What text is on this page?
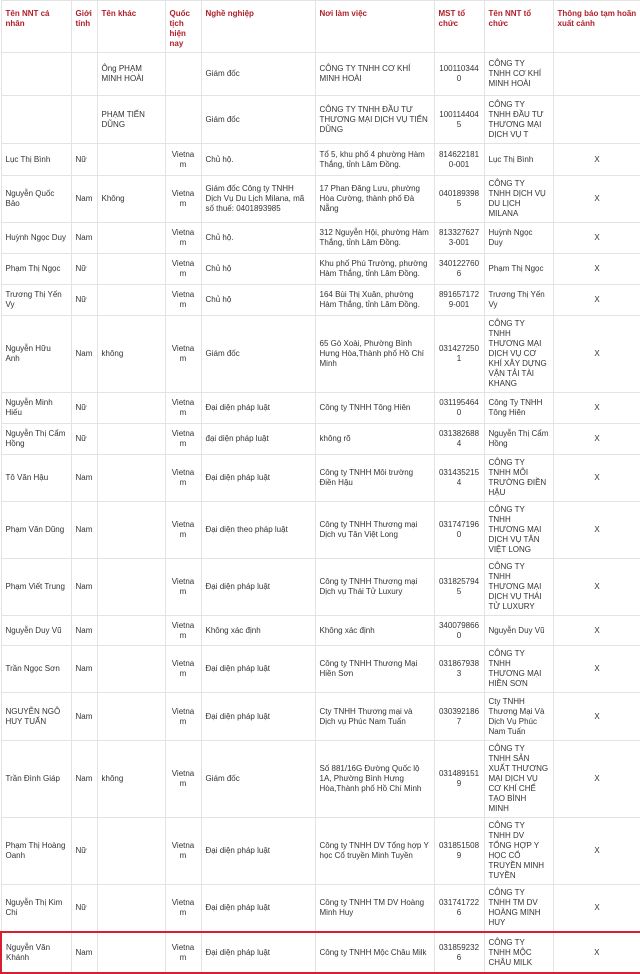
Tên NNT cá nhân	Giới tính	Tên khác	Quốc tịch hiện nay	Nghề nghiệp	Nơi làm việc	MST tổ chức	Tên NNT tổ chức	Thông báo tạm hoãn xuất cảnh
		Ông PHẠM MINH HOÀI		Giám đốc	CÔNG TY TNHH CƠ KHÍ MINH HOÀI	1001103440	CÔNG TY TNHH CƠ KHÍ MINH HOÀI	
		PHẠM TIẾN DŨNG		Giám đốc	CÔNG TY TNHH ĐẦU TƯ THƯƠNG MẠI DỊCH VỤ TIẾN DŨNG	1001144045	CÔNG TY TNHH ĐẦU TƯ THƯƠNG MẠI DỊCH VỤ T	
Lục Thị Bình	Nữ		Vietnam	Chủ hộ.	Tổ 5, khu phố 4 phường Hàm Thắng, tỉnh Lâm Đồng.	8146221810-001	Lục Thị Bình	X
Nguyễn Quốc Bảo	Nam	Không	Vietnam	Giám đốc Công ty TNHH Dịch Vụ Du Lịch Milana, mã số thuế: 0401893985	17 Phan Đăng Lưu, phường Hòa Cường, thành phố Đà Nẵng	0401893985	CÔNG TY TNHH DỊCH VỤ DU LỊCH MILANA	X
Huỳnh Ngọc Duy	Nam		Vietnam	Chủ hộ.	312 Nguyễn Hội, phường Hàm Thắng, tỉnh Lâm Đồng.	8133276273-001	Huỳnh Ngọc Duy	X
Phạm Thị Ngọc	Nữ		Vietnam	Chủ hộ	Khu phố Phú Trường, phường Hàm Thắng, tỉnh Lâm Đồng.	3401227606	Phạm Thị Ngọc	X
Trương Thị Yến Vy	Nữ		Vietnam	Chủ hộ	164 Bùi Thị Xuân, phường Hàm Thắng, tỉnh Lâm Đồng.	8916571729-001	Trương Thị Yến Vy	X
Nguyễn Hữu Anh	Nam	không	Vietnam	Giám đốc	65 Gò Xoài, Phường Bình Hưng Hòa,Thành phố Hồ Chí Minh	0314272501	CÔNG TY TNHH THƯƠNG MẠI DỊCH VỤ CƠ KHÍ XÂY DỰNG VẬN TẢI TÀI KHANG	X
Nguyễn Minh Hiếu	Nữ		Vietnam	Đại diện pháp luật	Công ty TNHH Tông Hiên	0311954640	Công Ty TNHH Tông Hiên	X
Nguyễn Thị Cẩm Hồng	Nữ		Vietnam	đại diện pháp luật	không rõ	0313826884	Nguyễn Thị Cẩm Hồng	X
Tô Văn Hậu	Nam		Vietnam	Đại diện pháp luật	Công ty TNHH Môi trường Điền Hậu	0314352154	CÔNG TY TNHH MÔI TRƯỜNG ĐIỀN HẬU	X
Phạm Văn Dũng	Nam		Vietnam	Đại diện theo pháp luật	Công ty TNHH Thương mại Dịch vụ Tân Việt Long	0317471960	CÔNG TY TNHH THƯƠNG MẠI DỊCH VỤ TÂN VIỆT LONG	X
Phạm Viết Trung	Nam		Vietnam	Đại diện pháp luật	Công ty TNHH Thương mại Dịch vụ Thái Tử Luxury	0318257945	CÔNG TY TNHH THƯƠNG MẠI DỊCH VỤ THÁI TỬ LUXURY	X
Nguyễn Duy Vũ	Nam		Vietnam	Không xác định	Không xác định	3400798660	Nguyễn Duy Vũ	X
Trần Ngọc Sơn	Nam		Vietnam	Đại diện pháp luật	Công ty TNHH Thương Mại Hiền Sơn	0318679383	CÔNG TY TNHH THƯƠNG MẠI HIỀN SƠN	X
NGUYỄN NGÔ HUY TUẤN	Nam		Vietnam	Đại diện pháp luật	Cty TNHH Thương mại và Dịch vụ Phúc Nam Tuấn	0303921867	Cty TNHH Thương Mại Và Dịch Vụ Phúc Nam Tuấn	X
Trần Đình Giáp	Nam	không	Vietnam	Giám đốc	Số 881/16G Đường Quốc lộ 1A, Phường Bình Hưng Hòa,Thành phố Hồ Chí Minh	0314891519	CÔNG TY TNHH SẢN XUẤT THƯƠNG MẠI DỊCH VỤ CƠ KHÍ CHẾ TẠO BÌNH MINH	X
Phạm Thị Hoàng Oanh	Nữ		Vietnam	Đại diện pháp luật	Công ty TNHH DV Tổng hợp Y học Cổ truyền Minh Tuyền	0318515089	CÔNG TY TNHH DV TỔNG HỢP Y HỌC CỔ TRUYỀN MINH TUYỀN	X
Nguyễn Thị Kim Chi	Nữ		Vietnam	Đại diện pháp luật	Công ty TNHH TM DV Hoàng Minh Huy	0317417226	CÔNG TY TNHH TM DV HOÀNG MINH HUY	X
Nguyễn Văn Khánh	Nam		Vietnam	Đại diện pháp luật	Công ty TNHH Mộc Châu Milk	0318592326	CÔNG TY TNHH MỘC CHÂU MILK	X
